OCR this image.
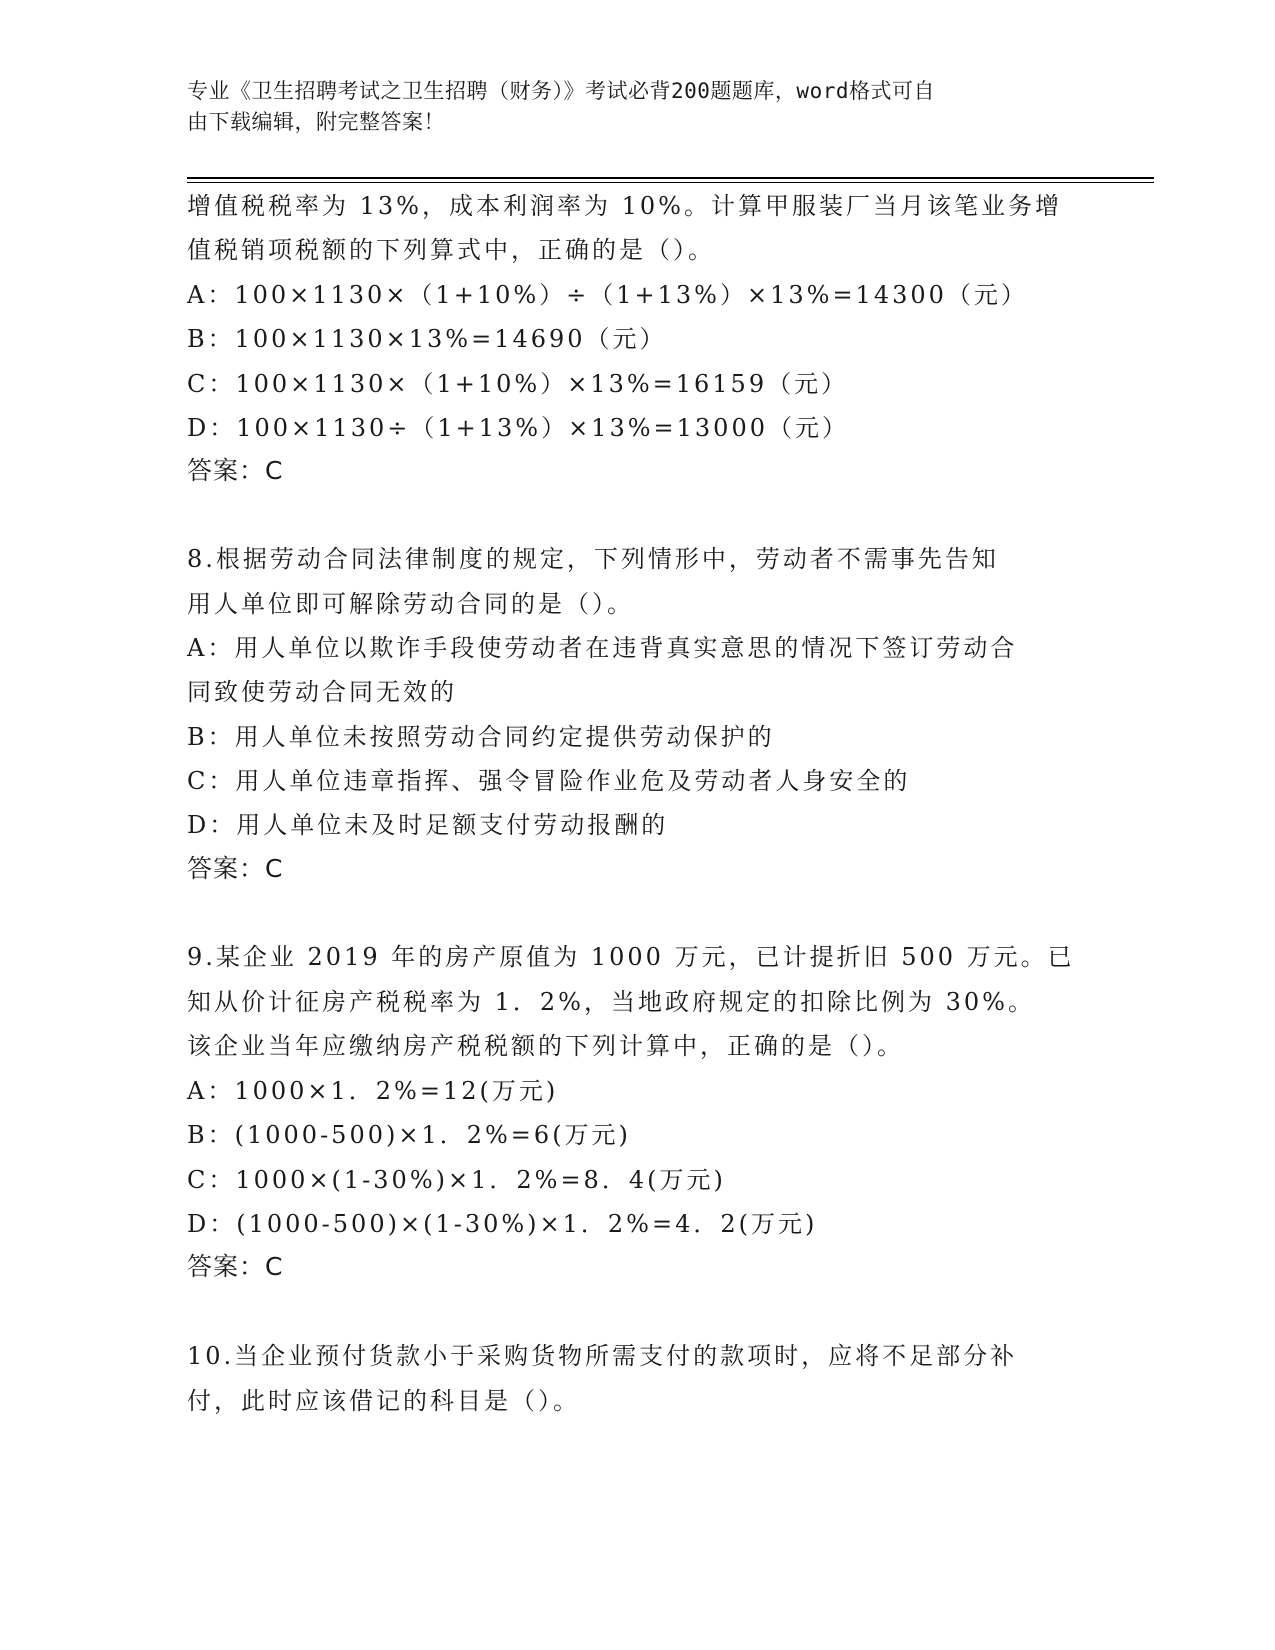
专业《卫生招聘考试之卫生招聘（财务）》考试必背200题题库，word格式可自
由下载编辑，附完整答案！
增值税税率为 13%，成本利润率为 10%。计算甲服装厂当月该笔业务增
值税销项税额的下列算式中，正确的是（）。
A：100×1130×（1+10%）÷（1+13%）×13%=14300（元）
B：100×1130×13%=14690（元）
C：100×1130×（1+10%）×13%=16159（元）
D：100×1130÷（1+13%）×13%=13000（元）
答案：C
8.根据劳动合同法律制度的规定，下列情形中，劳动者不需事先告知
用人单位即可解除劳动合同的是（）。
A：用人单位以欺诈手段使劳动者在违背真实意思的情况下签订劳动合
同致使劳动合同无效的
B：用人单位未按照劳动合同约定提供劳动保护的
C：用人单位违章指挥、强令冒险作业危及劳动者人身安全的
D：用人单位未及时足额支付劳动报酬的
答案：C
9.某企业 2019 年的房产原值为 1000 万元，已计提折旧 500 万元。已
知从价计征房产税税率为 1．2%，当地政府规定的扣除比例为 30%。
该企业当年应缴纳房产税税额的下列计算中，正确的是（）。
A：1000×1．2%=12(万元)
B：(1000-500)×1．2%=6(万元)
C：1000×(1-30%)×1．2%=8．4(万元)
D：(1000-500)×(1-30%)×1．2%=4．2(万元)
答案：C
10.当企业预付货款小于采购货物所需支付的款项时，应将不足部分补
付，此时应该借记的科目是（）。
